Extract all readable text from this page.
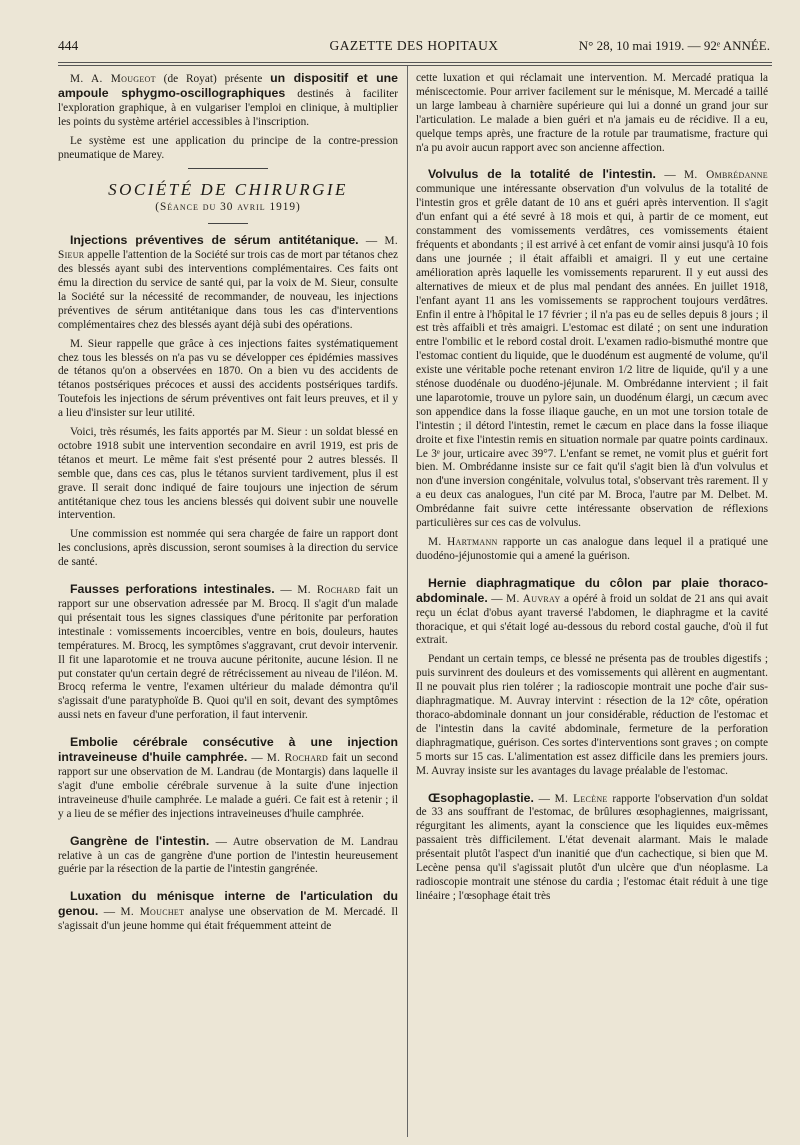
444	GAZETTE DES HOPITAUX	N° 28, 10 mai 1919. — 92ᵉ ANNÉE.

M. A. Mougeot (de Royat) présente un dispositif et une ampoule sphygmo-oscillographiques destinés à faciliter l'exploration graphique, à en vulgariser l'emploi en clinique, à multiplier les points du système artériel accessibles à l'inscription.

Le système est une application du principe de la contre-pression pneumatique de Marey.

SOCIÉTÉ DE CHIRURGIE
(Séance du 30 avril 1919)

Injections préventives de sérum antitétanique. — M. Sieur appelle l'attention de la Société sur trois cas de mort par tétanos chez des blessés ayant subi des interventions complémentaires. Ces faits ont ému la direction du service de santé qui, par la voix de M. Sieur, consulte la Société sur la nécessité de recommander, de nouveau, les injections préventives de sérum antitétanique dans tous les cas d'interventions complémentaires chez des blessés ayant déjà subi des opérations.

M. Sieur rappelle que grâce à ces injections faites systématiquement chez tous les blessés on n'a pas vu se développer ces épidémies massives de tétanos qu'on a observées en 1870. On a bien vu des accidents de tétanos postsériques précoces et aussi des accidents postsériques tardifs. Toutefois les injections de sérum préventives ont fait leurs preuves, et il y a lieu d'insister sur leur utilité.

Voici, très résumés, les faits apportés par M. Sieur : un soldat blessé en octobre 1918 subit une intervention secondaire en avril 1919, est pris de tétanos et meurt. Le même fait s'est présenté pour 2 autres blessés. Il semble que, dans ces cas, plus le tétanos survient tardivement, plus il est grave. Il serait donc indiqué de faire toujours une injection de sérum antitétanique chez tous les anciens blessés qui doivent subir une nouvelle intervention.

Une commission est nommée qui sera chargée de faire un rapport dont les conclusions, après discussion, seront soumises à la direction du service de santé.

Fausses perforations intestinales. — M. Rochard fait un rapport sur une observation adressée par M. Brocq. Il s'agit d'un malade qui présentait tous les signes classiques d'une péritonite par perforation intestinale : vomissements incoercibles, ventre en bois, douleurs, hautes températures. M. Brocq, les symptômes s'aggravant, crut devoir intervenir. Il fit une laparotomie et ne trouva aucune péritonite, aucune lésion. Il ne put constater qu'un certain degré de rétrécissement au niveau de l'iléon. M. Brocq referma le ventre, l'examen ultérieur du malade démontra qu'il s'agissait d'une paratyphoïde B. Quoi qu'il en soit, devant des symptômes aussi nets en faveur d'une perforation, il faut intervenir.

Embolie cérébrale consécutive à une injection intraveineuse d'huile camphrée. — M. Rochard fait un second rapport sur une observation de M. Landrau (de Montargis) dans laquelle il s'agit d'une embolie cérébrale survenue à la suite d'une injection intraveineuse d'huile camphrée. Le malade a guéri. Ce fait est à retenir ; il y a lieu de se méfier des injections intraveineuses d'huile camphrée.

Gangrène de l'intestin. — Autre observation de M. Landrau relative à un cas de gangrène d'une portion de l'intestin heureusement guérie par la résection de la partie de l'intestin gangrénée.

Luxation du ménisque interne de l'articulation du genou. — M. Mouchet analyse une observation de M. Mercadé. Il s'agissait d'un jeune homme qui était fréquemment atteint de

cette luxation et qui réclamait une intervention. M. Mercadé pratiqua la méniscectomie. Pour arriver facilement sur le ménisque, M. Mercadé a taillé un large lambeau à charnière supérieure qui lui a donné un grand jour sur l'articulation. Le malade a bien guéri et n'a jamais eu de récidive. Il a eu, quelque temps après, une fracture de la rotule par traumatisme, fracture qui n'a pu avoir aucun rapport avec son ancienne affection.

Volvulus de la totalité de l'intestin. — M. Ombrédanne communique une intéressante observation d'un volvulus de la totalité de l'intestin gros et grêle datant de 10 ans et guéri après intervention. Il s'agit d'un enfant qui a été sevré à 18 mois et qui, à partir de ce moment, eut constamment des vomissements verdâtres, ces vomissements étaient fréquents et abondants ; il est arrivé à cet enfant de vomir ainsi jusqu'à 10 fois dans une journée ; il était affaibli et amaigri. Il y eut une certaine amélioration après laquelle les vomissements reparurent. Il y eut aussi des alternatives de mieux et de plus mal pendant des années. En juillet 1918, l'enfant ayant 11 ans les vomissements se rapprochent toujours verdâtres. Enfin il entre à l'hôpital le 17 février ; il n'a pas eu de selles depuis 8 jours ; il est très affaibli et très amaigri. L'estomac est dilaté ; on sent une induration entre l'ombilic et le rebord costal droit. L'examen radio-bismuthé montre que l'estomac contient du liquide, que le duodénum est augmenté de volume, qu'il existe une véritable poche retenant environ 1/2 litre de liquide, qu'il y a une sténose duodénale ou duodéno-jéjunale. M. Ombrédanne intervient ; il fait une laparotomie, trouve un pylore sain, un duodénum élargi, un cæcum avec son appendice dans la fosse iliaque gauche, en un mot une torsion totale de l'intestin ; il détord l'intestin, remet le cæcum en place dans la fosse iliaque droite et fixe l'intestin remis en situation normale par quatre points cardinaux. Le 3ᵉ jour, urticaire avec 39°7. L'enfant se remet, ne vomit plus et guérit fort bien. M. Ombrédanne insiste sur ce fait qu'il s'agit bien là d'un volvulus et non d'une inversion congénitale, volvulus total, s'observant très rarement. Il y a eu deux cas analogues, l'un cité par M. Broca, l'autre par M. Delbet. M. Ombrédanne fait suivre cette intéressante observation de réflexions particulières sur ces cas de volvulus.

M. Hartmann rapporte un cas analogue dans lequel il a pratiqué une duodéno-jéjunostomie qui a amené la guérison.

Hernie diaphragmatique du côlon par plaie thoraco-abdominale. — M. Auvray a opéré à froid un soldat de 21 ans qui avait reçu un éclat d'obus ayant traversé l'abdomen, le diaphragme et la cavité thoracique, et qui s'était logé au-dessous du rebord costal gauche, d'où il fut extrait.

Pendant un certain temps, ce blessé ne présenta pas de troubles digestifs ; puis survinrent des douleurs et des vomissements qui allèrent en augmentant. Il ne pouvait plus rien tolérer ; la radioscopie montrait une poche d'air sus-diaphragmatique. M. Auvray intervint : résection de la 12ᵉ côte, opération thoraco-abdominale donnant un jour considérable, réduction de l'estomac et de l'intestin dans la cavité abdominale, fermeture de la perforation diaphragmatique, guérison. Ces sortes d'interventions sont graves ; on compte 5 morts sur 15 cas. L'alimentation est assez difficile dans les premiers jours. M. Auvray insiste sur les avantages du lavage préalable de l'estomac.

Œsophagoplastie. — M. Lecène rapporte l'observation d'un soldat de 33 ans souffrant de l'estomac, de brûlures œsophagiennes, maigrissant, régurgitant les aliments, ayant la conscience que les liquides eux-mêmes passaient très difficilement. L'état devenait alarmant. Mais le malade présentait plutôt l'aspect d'un inanitié que d'un cachectique, si bien que M. Lecène pensa qu'il s'agissait plutôt d'un ulcère que d'un néoplasme. La radioscopie montrait une sténose du cardia ; l'estomac était réduit à une tige linéaire ; l'œsophage était très
